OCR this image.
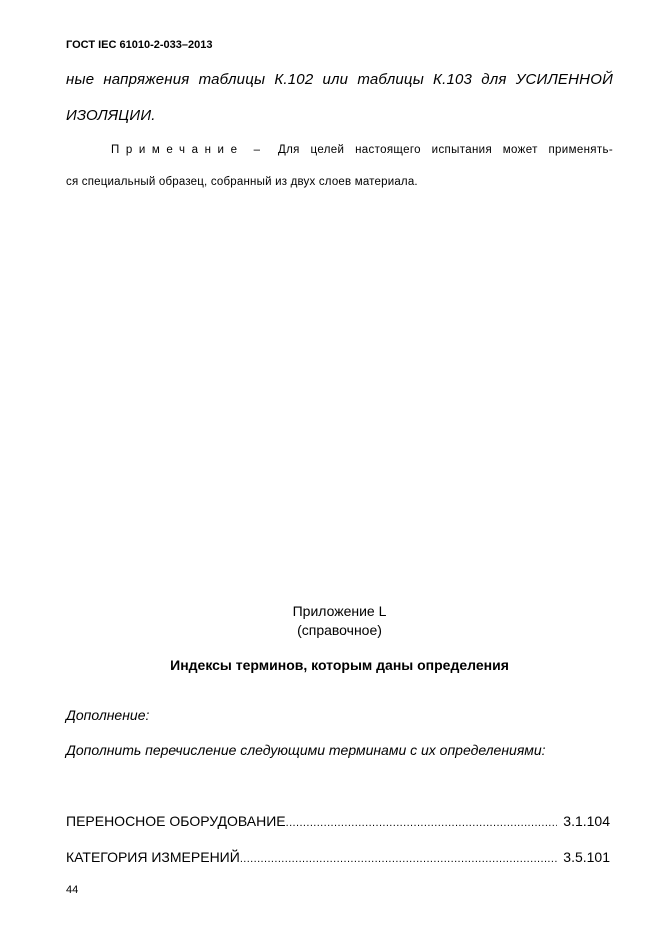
ГОСТ IEC 61010-2-033–2013
ные напряжения таблицы К.102 или таблицы К.103 для УСИЛЕННОЙ
ИЗОЛЯЦИИ.
Примечание – Для целей настоящего испытания может применять-
ся специальный образец, собранный из двух слоев материала.
Приложение L
(справочное)
Индексы терминов, которым даны определения
Дополнение:
Дополнить перечисление следующими терминами с их определениями:
ПЕРЕНОСНОЕ ОБОРУДОВАНИЕ .....	3.1.104
КАТЕГОРИЯ ИЗМЕРЕНИЙ .....	3.5.101
44
